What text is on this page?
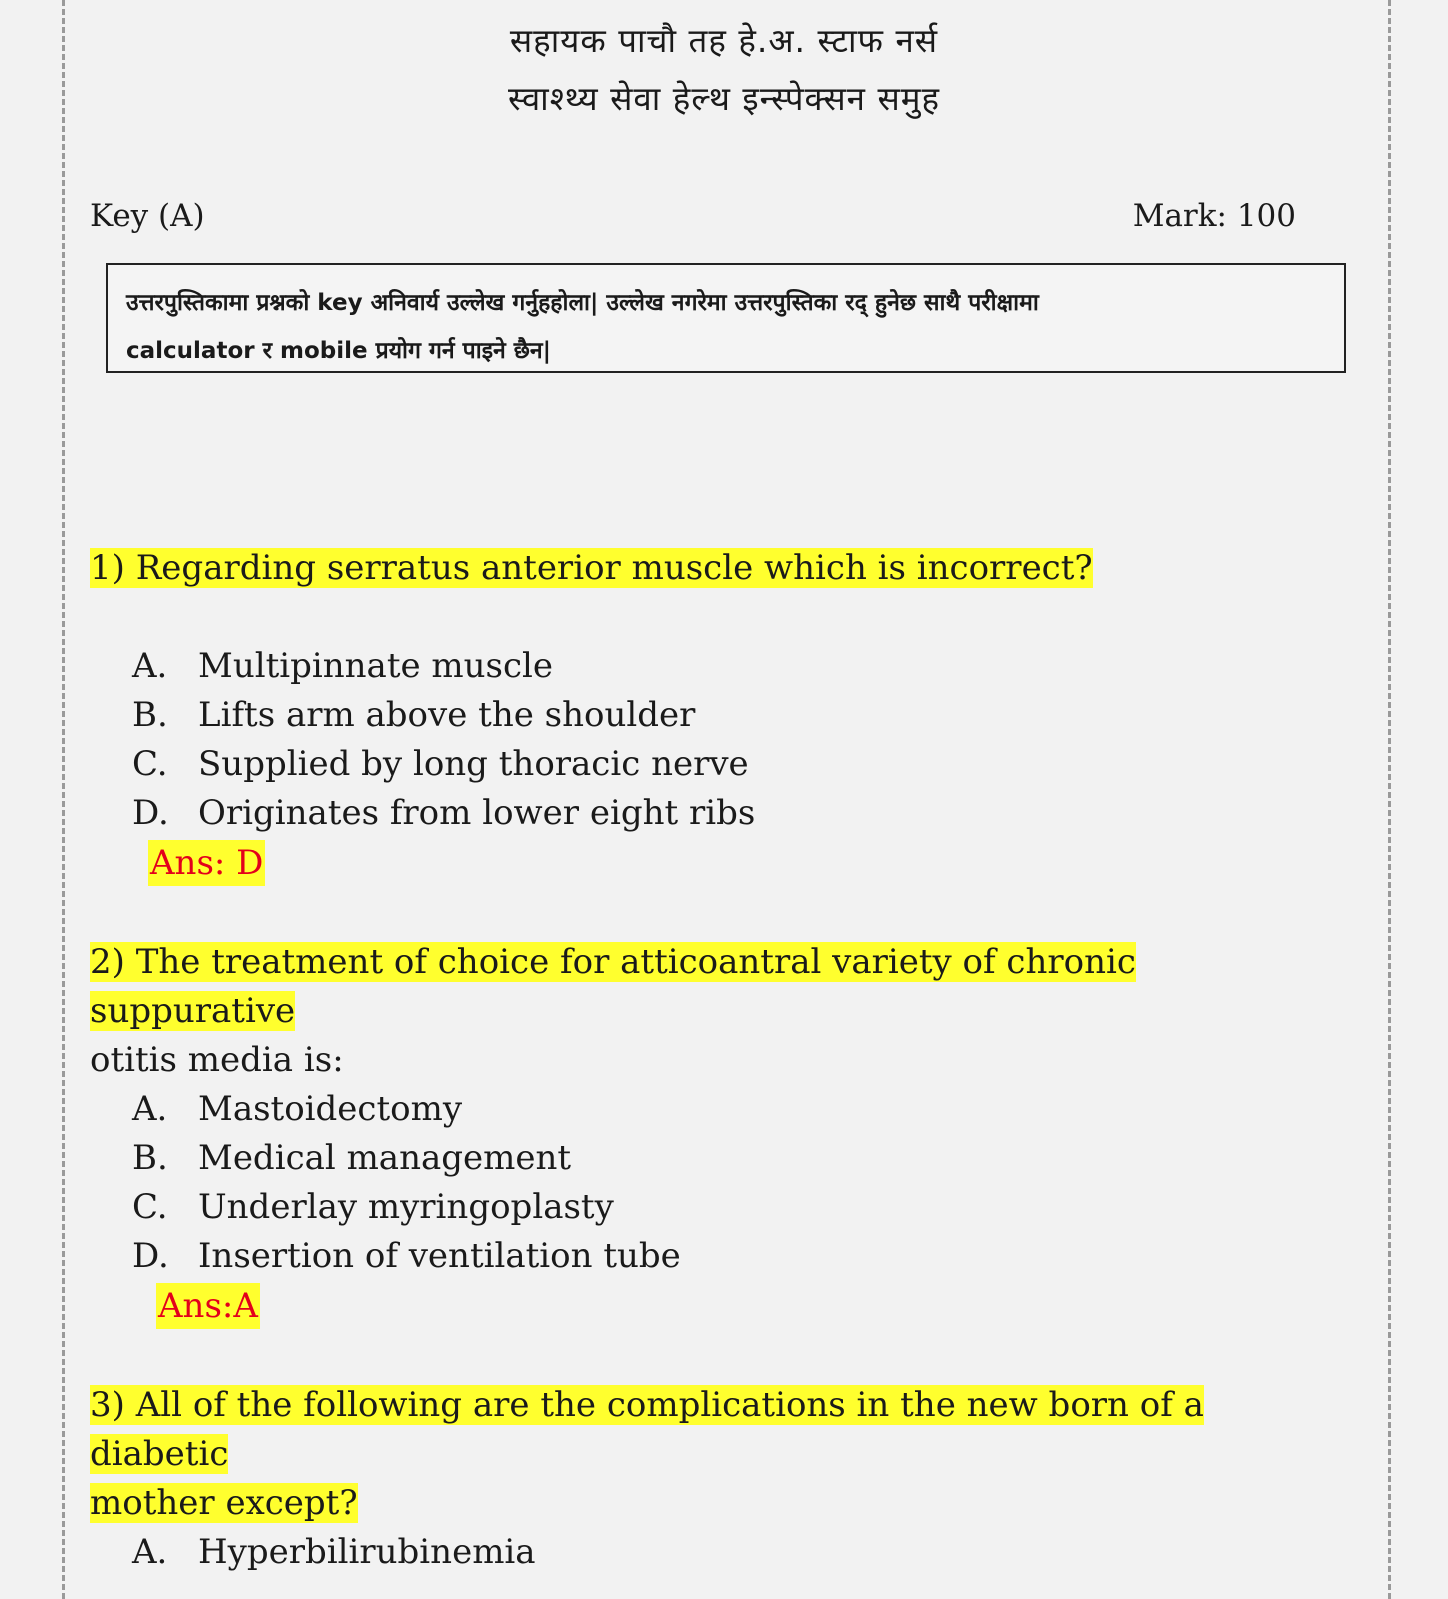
सहायक पाचौ तह हे.अ. स्टाफ नर्स
स्वाश्थ्य सेवा हेल्थ इन्स्पेक्सन समुह
Key (A)	Mark: 100
उत्तरपुस्तिकामा प्रश्नको key अनिवार्य उल्लेख गर्नुहहोला| उल्लेख नगरेमा उत्तरपुस्तिका रद् हुनेछ साथै परीक्षामा
calculator र mobile प्रयोग गर्न पाइने छैन|
1) Regarding serratus anterior muscle which is incorrect?
A. Multipinnate muscle
B. Lifts arm above the shoulder
C. Supplied by long thoracic nerve
D. Originates from lower eight ribs
Ans: D
2) The treatment of choice for atticoantral variety of chronic suppurative
otitis media is:
A. Mastoidectomy
B. Medical management
C. Underlay myringoplasty
D. Insertion of ventilation tube
Ans:A
3) All of the following are the complications in the new born of a diabetic
mother except?
A. Hyperbilirubinemia
